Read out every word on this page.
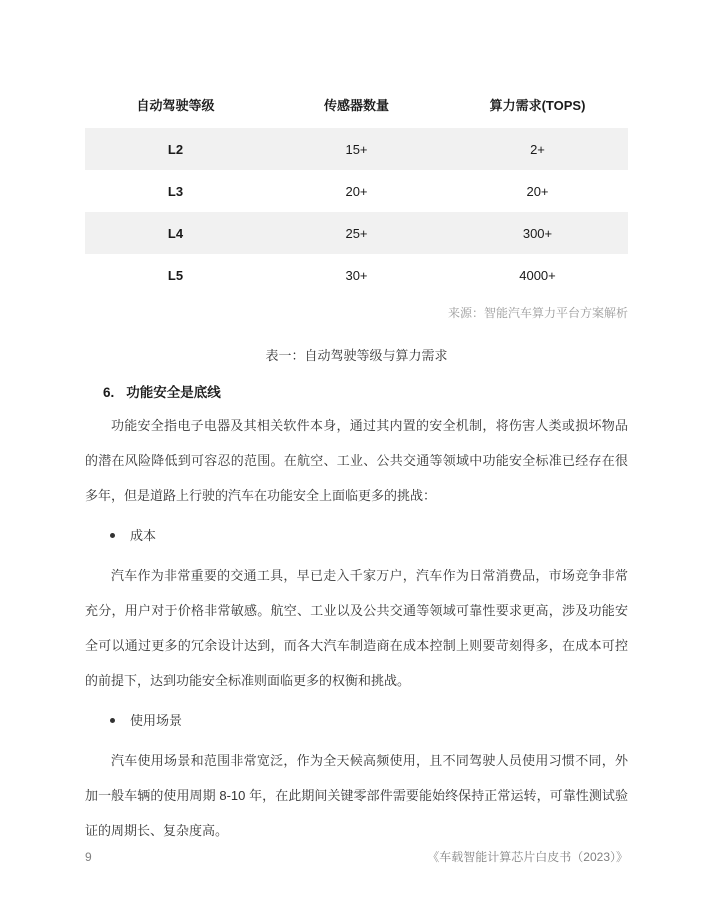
自动驾驶等级	传感器数量	算力需求(TOPS)
L2	15+	2+
L3	20+	20+
L4	25+	300+
L5	30+	4000+
来源：智能汽车算力平台方案解析
表一：自动驾驶等级与算力需求
6. 功能安全是底线

功能安全指电子电器及其相关软件本身，通过其内置的安全机制，将伤害人类或损坏物品的潜在风险降低到可容忍的范围。在航空、工业、公共交通等领域中功能安全标准已经存在很多年，但是道路上行驶的汽车在功能安全上面临更多的挑战：

成本

汽车作为非常重要的交通工具，早已走入千家万户，汽车作为日常消费品，市场竞争非常充分，用户对于价格非常敏感。航空、工业以及公共交通等领域可靠性要求更高，涉及功能安全可以通过更多的冗余设计达到，而各大汽车制造商在成本控制上则要苛刻得多，在成本可控的前提下，达到功能安全标准则面临更多的权衡和挑战。

使用场景

汽车使用场景和范围非常宽泛，作为全天候高频使用，且不同驾驶人员使用习惯不同，外加一般车辆的使用周期 8-10 年，在此期间关键零部件需要能始终保持正常运转，可靠性测试验证的周期长、复杂度高。

9	《车载智能计算芯片白皮书（2023）》
